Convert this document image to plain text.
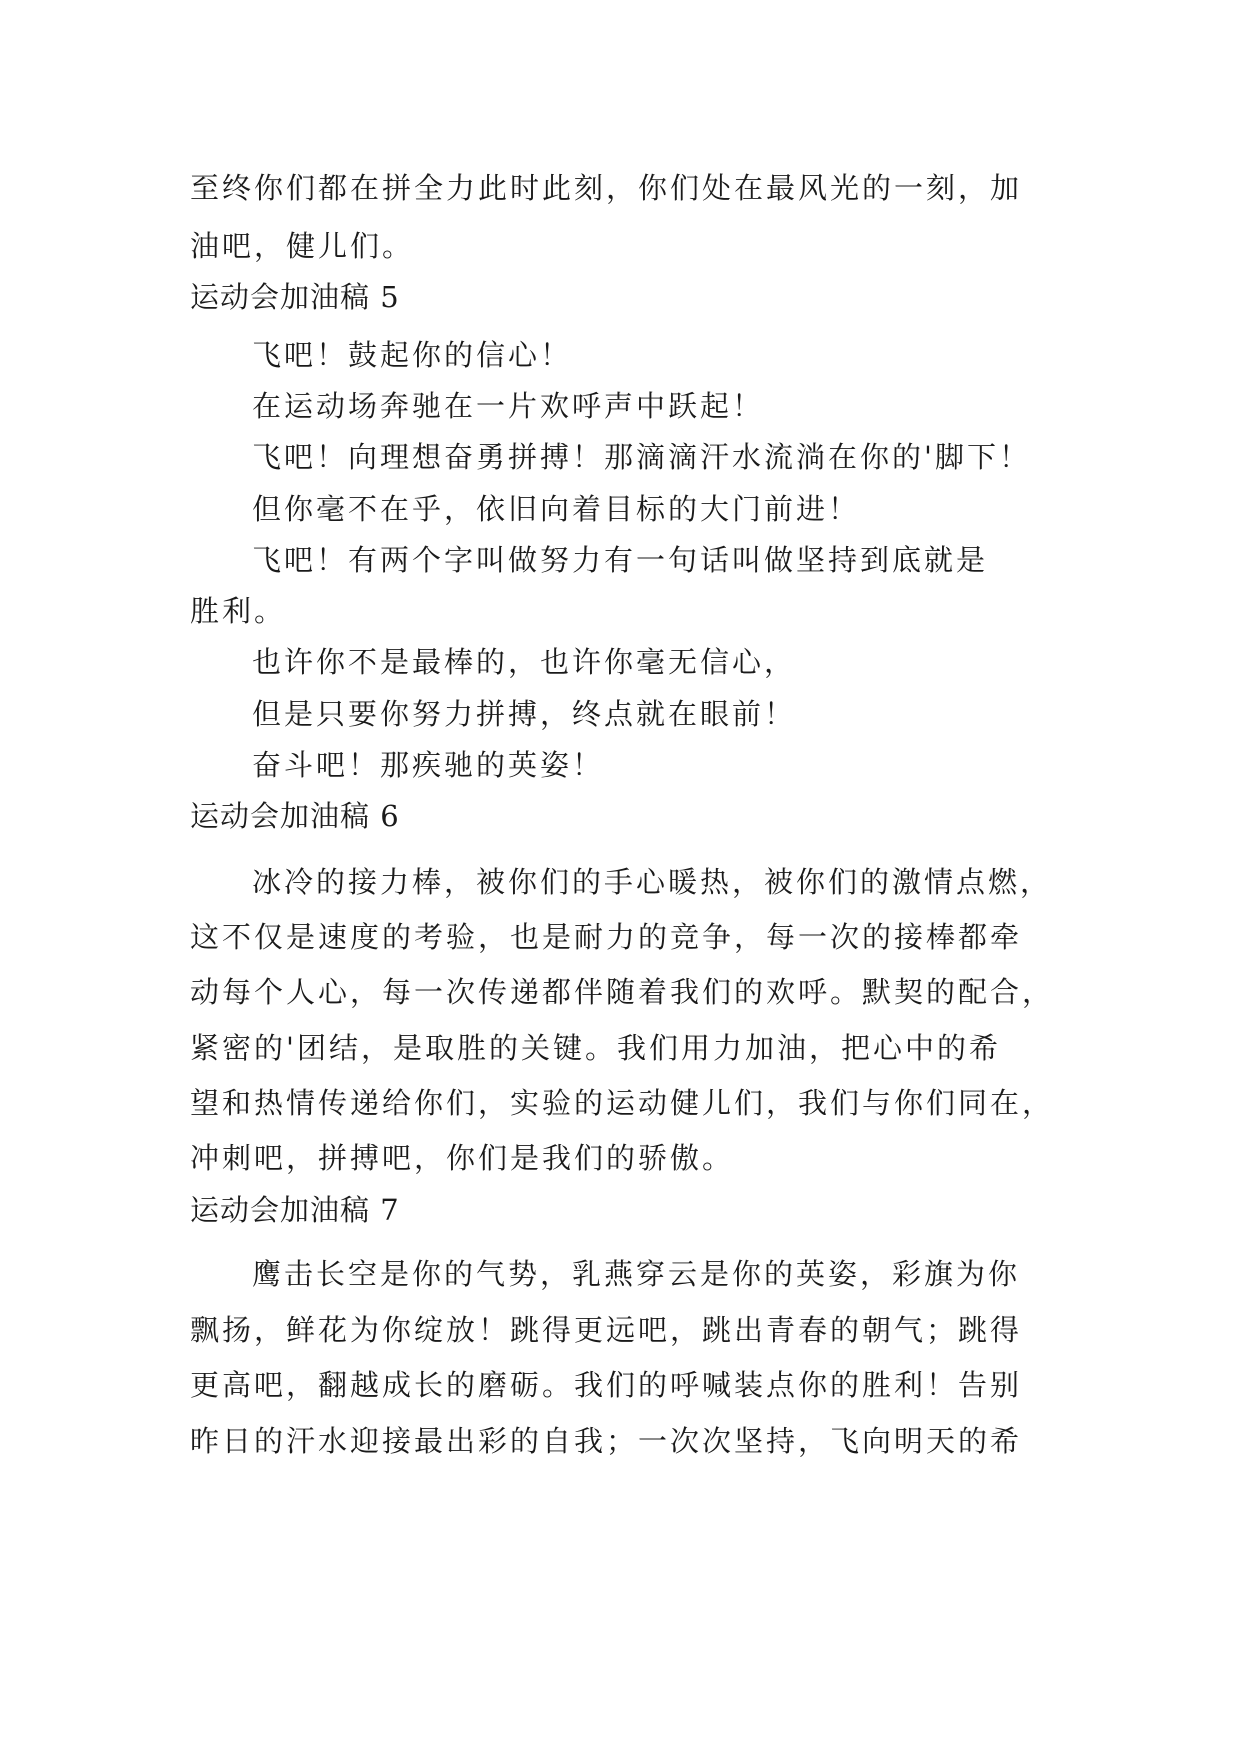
至终你们都在拼全力此时此刻，你们处在最风光的一刻，加
油吧，健儿们。
运动会加油稿 5
飞吧！鼓起你的信心！
在运动场奔驰在一片欢呼声中跃起！
飞吧！向理想奋勇拼搏！那滴滴汗水流淌在你的'脚下！
但你毫不在乎，依旧向着目标的大门前进！
飞吧！有两个字叫做努力有一句话叫做坚持到底就是
胜利。
也许你不是最棒的，也许你毫无信心，
但是只要你努力拼搏，终点就在眼前！
奋斗吧！那疾驰的英姿！
运动会加油稿 6
冰冷的接力棒，被你们的手心暖热，被你们的激情点燃，
这不仅是速度的考验，也是耐力的竞争，每一次的接棒都牵
动每个人心，每一次传递都伴随着我们的欢呼。默契的配合，
紧密的'团结，是取胜的关键。我们用力加油，把心中的希
望和热情传递给你们，实验的运动健儿们，我们与你们同在，
冲刺吧，拼搏吧，你们是我们的骄傲。
运动会加油稿 7
鹰击长空是你的气势，乳燕穿云是你的英姿，彩旗为你
飘扬，鲜花为你绽放！跳得更远吧，跳出青春的朝气；跳得
更高吧，翻越成长的磨砺。我们的呼喊装点你的胜利！告别
昨日的汗水迎接最出彩的自我；一次次坚持，飞向明天的希
